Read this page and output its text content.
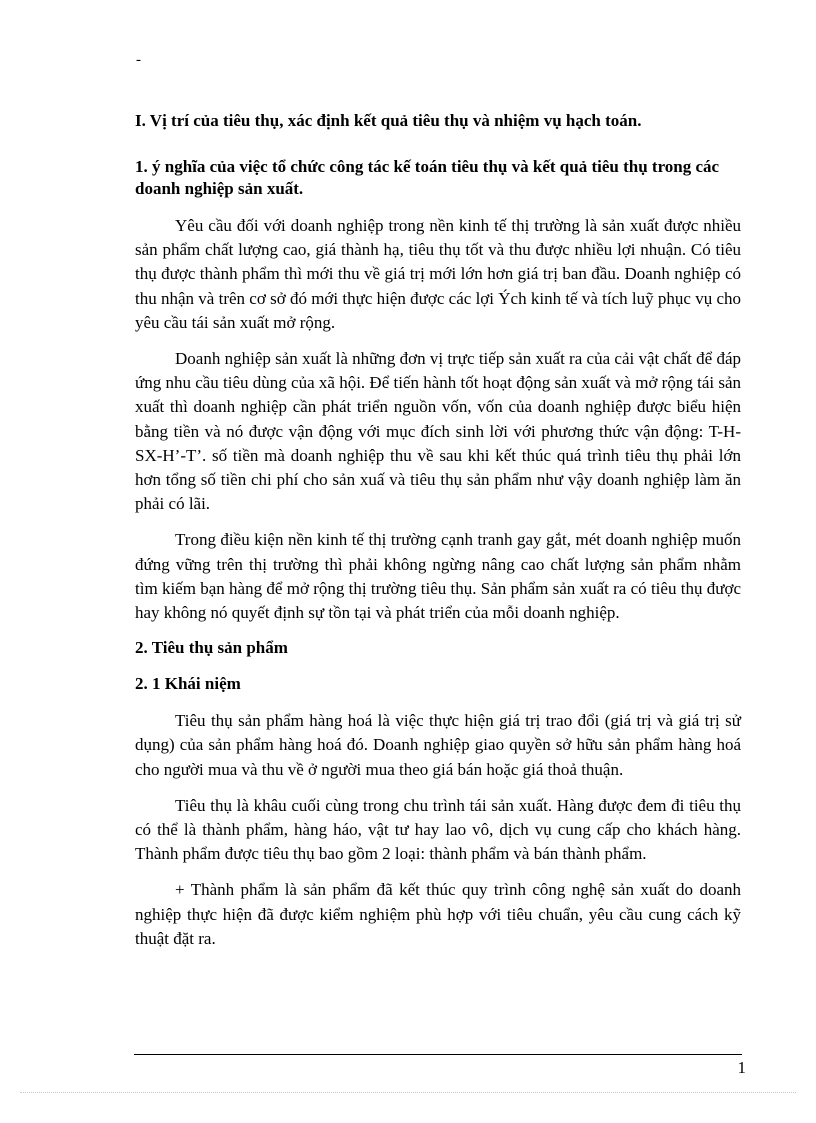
-
I. Vị trí của tiêu thụ, xác định kết quả tiêu thụ và nhiệm vụ hạch toán.
1. ý nghĩa của việc tổ chức công tác kế toán tiêu thụ và kết quả tiêu thụ trong các doanh nghiệp sản xuất.

Yêu cầu đối với doanh nghiệp trong nền kinh tế thị trường là sản xuất được nhiều sản phẩm chất lượng cao, giá thành hạ, tiêu thụ tốt và thu được nhiều lợi nhuận. Có tiêu thụ được thành phẩm thì mới thu về giá trị mới lớn hơn giá trị ban đầu. Doanh nghiệp có thu nhận và trên cơ sở đó mới thực hiện được các lợi Ých kinh tế và tích luỹ phục vụ cho yêu cầu tái sản xuất mở rộng.

Doanh nghiệp sản xuất là những đơn vị trực tiếp sản xuất ra của cải vật chất để đáp ứng nhu cầu tiêu dùng của xã hội. Để tiến hành tốt hoạt động sản xuất và mở rộng tái sản xuất thì doanh nghiệp cần phát triển nguồn vốn, vốn của doanh nghiệp được biểu hiện bằng tiền và nó được vận động với mục đích sinh lời với phương thức vận động: T-H-SX-H’-T’. số tiền mà doanh nghiệp thu về sau khi kết thúc quá trình tiêu thụ phải lớn hơn tổng số tiền chi phí cho sản xuấ và tiêu thụ sản phẩm như vậy doanh nghiệp làm ăn phải có lãi.

Trong điều kiện nền kinh tế thị trường cạnh tranh gay gắt, mét doanh nghiệp muốn đứng vững trên thị trường thì phải không ngừng nâng cao chất lượng sản phẩm nhằm tìm kiếm bạn hàng để mở rộng thị trường tiêu thụ. Sản phẩm sản xuất ra có tiêu thụ được hay không nó quyết định sự tồn tại và phát triển của mỗi doanh nghiệp.

2. Tiêu thụ sản phẩm
2. 1 Khái niệm

Tiêu thụ sản phẩm hàng hoá là việc thực hiện giá trị trao đổi (giá trị và giá trị sử dụng) của sản phẩm hàng hoá đó. Doanh nghiệp giao quyền sở hữu sản phẩm hàng hoá cho người mua và thu về ở người mua theo giá bán hoặc giá thoả thuận.

Tiêu thụ là khâu cuối cùng trong chu trình tái sản xuất. Hàng được đem đi tiêu thụ có thể là thành phẩm, hàng háo, vật tư hay lao vô, dịch vụ cung cấp cho khách hàng. Thành phẩm được tiêu thụ bao gồm 2 loại: thành phẩm và bán thành phẩm.

+ Thành phẩm là sản phẩm đã kết thúc quy trình công nghệ sản xuất do doanh nghiệp thực hiện đã được kiểm nghiệm phù hợp với tiêu chuẩn, yêu cầu cung cách kỹ thuật đặt ra.

1
